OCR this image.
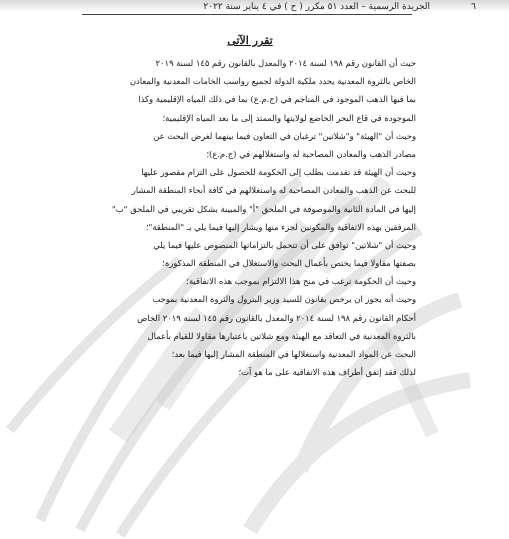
٦
الجريدة الرسمية – العدد ٥١ مكرر ( ح ) في ٤ يناير سنة ٢٠٢٢
تقرر الآتى
حيث أن القانون رقم ١٩٨ لسنة ٢٠١٤ والمعدل بالقانون رقم ١٤٥ لسنة ٢٠١٩
الخاص بالثروة المعدنية يحدد ملكية الدولة لجميع رواسب الخامات المعدنية والمعادن
بما فيها الذهب الموجود في المناجم في (ج.م.ع) بما في ذلك المياه الإقليمية وكذا
الموجودة في قاع البحر الخاضع لولايتها والممتد إلى ما بعد المياه الإقليمية؛
وحيث أن "الهيئة" و"شلاتين" ترغبان في التعاون فيما بينهما لغرض البحث عن
مصادر الذهب والمعادن المصاحبة له واستغلالهم في (ج.م.ع)؛
وحيث أن الهيئة قد تقدمت بطلب إلى الحكومة للحصول على التزام مقصور عليها
للبحث عن الذهب والمعادن المصاحبة له واستغلالهم في كافة أنحاء المنطقة المشار
إليها في المادة الثانية والموصوفة في الملحق "أ" والمبينة بشكل تقريبي في الملحق "ب"
المرفقين بهذه الاتفاقية والمكونين لجزء منها ويشار إليها فيما يلي بـ "المنطقة"؛
وحيث أن "شلاتين" توافق على أن تتحمل بالتزاماتها المنصوص عليها فيما يلي
بصفتها مقاولا فيما يختص بأعمال البحث والاستغلال في المنطقة المذكورة؛
وحيث أن الحكومة ترغب في منح هذا الالتزام بموجب هذه الاتفاقية؛
وحيث أنه يجوز ان يرخص بقانون للسيد وزير البترول والثروة المعدنية بموجب
أحكام القانون رقم ١٩٨ لسنة ٢٠١٤ والمعدل بالقانون رقم ١٤٥ لسنة ٢٠١٩ الخاص
بالثروة المعدنية في التعاقد مع الهيئة ومع شلاتين باعتبارها مقاولا للقيام بأعمال
البحث عن المواد المعدنية واستغلالها في المنطقة المشار إليها فيما بعد؛
لذلك فقد إتفق أطراف هذه الاتفاقية على ما هو آت؛
